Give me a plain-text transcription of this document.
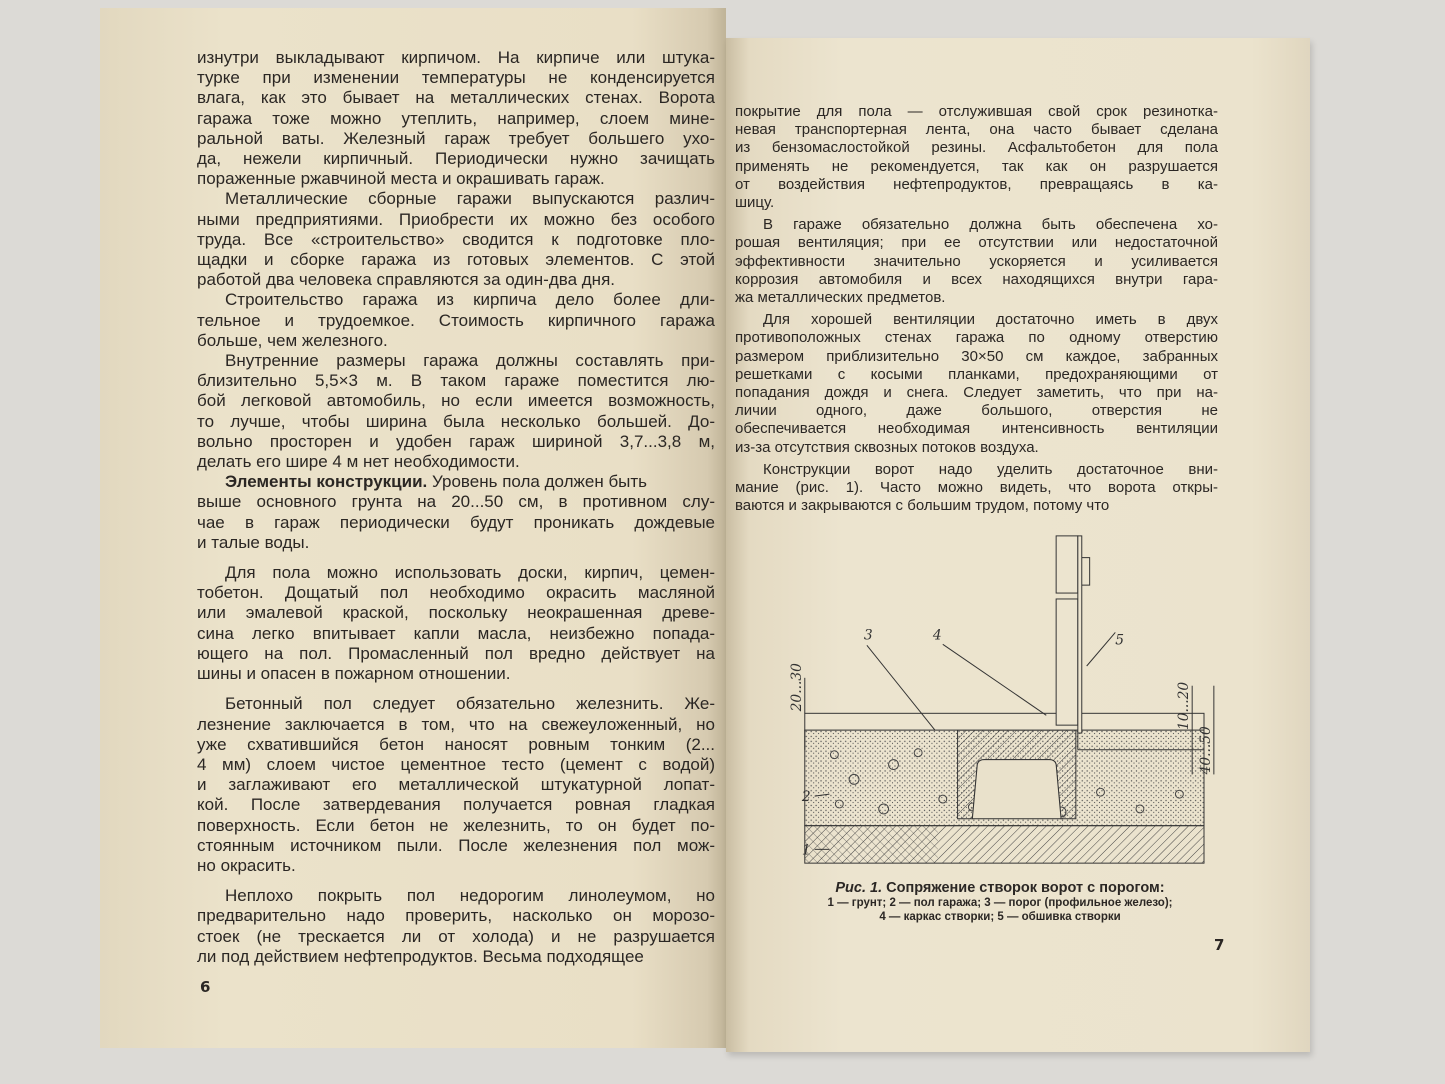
изнутри выкладывают кирпичом. На кирпиче или штука-
турке при изменении температуры не конденсируется
влага, как это бывает на металлических стенах. Ворота
гаража тоже можно утеплить, например, слоем мине-
ральной ваты. Железный гараж требует большего ухо-
да, нежели кирпичный. Периодически нужно зачищать
пораженные ржавчиной места и окрашивать гараж.
Металлические сборные гаражи выпускаются различ-
ными предприятиями. Приобрести их можно без особого
труда. Все «строительство» сводится к подготовке пло-
щадки и сборке гаража из готовых элементов. С этой
работой два человека справляются за один-два дня.
Строительство гаража из кирпича дело более дли-
тельное и трудоемкое. Стоимость кирпичного гаража
больше, чем железного.
Внутренние размеры гаража должны составлять при-
близительно 5,5×3 м. В таком гараже поместится лю-
бой легковой автомобиль, но если имеется возможность,
то лучше, чтобы ширина была несколько большей. До-
вольно просторен и удобен гараж шириной 3,7...3,8 м,
делать его шире 4 м нет необходимости.
Элементы конструкции. Уровень пола должен быть
выше основного грунта на 20...50 см, в противном слу-
чае в гараж периодически будут проникать дождевые
и талые воды.
Для пола можно использовать доски, кирпич, цемен-
тобетон. Дощатый пол необходимо окрасить масляной
или эмалевой краской, поскольку неокрашенная древе-
сина легко впитывает капли масла, неизбежно попада-
ющего на пол. Промасленный пол вредно действует на
шины и опасен в пожарном отношении.
Бетонный пол следует обязательно железнить. Же-
лезнение заключается в том, что на свежеуложенный, но
уже схватившийся бетон наносят ровным тонким (2...
4 мм) слоем чистое цементное тесто (цемент с водой)
и заглаживают его металлической штукатурной лопат-
кой. После затвердевания получается ровная гладкая
поверхность. Если бетон не железнить, то он будет по-
стоянным источником пыли. После железнения пол мож-
но окрасить.
Неплохо покрыть пол недорогим линолеумом, но
предварительно надо проверить, насколько он морозо-
стоек (не трескается ли от холода) и не разрушается
ли под действием нефтепродуктов. Весьма подходящее
6
покрытие для пола — отслужившая свой срок резинотка-
невая транспортерная лента, она часто бывает сделана
из бензомаслостойкой резины. Асфальтобетон для пола
применять не рекомендуется, так как он разрушается
от воздействия нефтепродуктов, превращаясь в ка-
шицу.
В гараже обязательно должна быть обеспечена хо-
рошая вентиляция; при ее отсутствии или недостаточной
эффективности значительно ускоряется и усиливается
коррозия автомобиля и всех находящихся внутри гара-
жа металлических предметов.
Для хорошей вентиляции достаточно иметь в двух
противоположных стенах гаража по одному отверстию
размером приблизительно 30×50 см каждое, забранных
решетками с косыми планками, предохраняющими от
попадания дождя и снега. Следует заметить, что при на-
личии одного, даже большого, отверстия не
обеспечивается необходимая интенсивность вентиляции
из-за отсутствия сквозных потоков воздуха.
Конструкции ворот надо уделить достаточное вни-
мание (рис. 1). Часто можно видеть, что ворота откры-
ваются и закрываются с большим трудом, потому что
3	4	5
2
1
20...30	10...20
40...50
Рис. 1. Сопряжение створок ворот с порогом:
1 — грунт; 2 — пол гаража; 3 — порог (профильное железо);
4 — каркас створки; 5 — обшивка створки
7
